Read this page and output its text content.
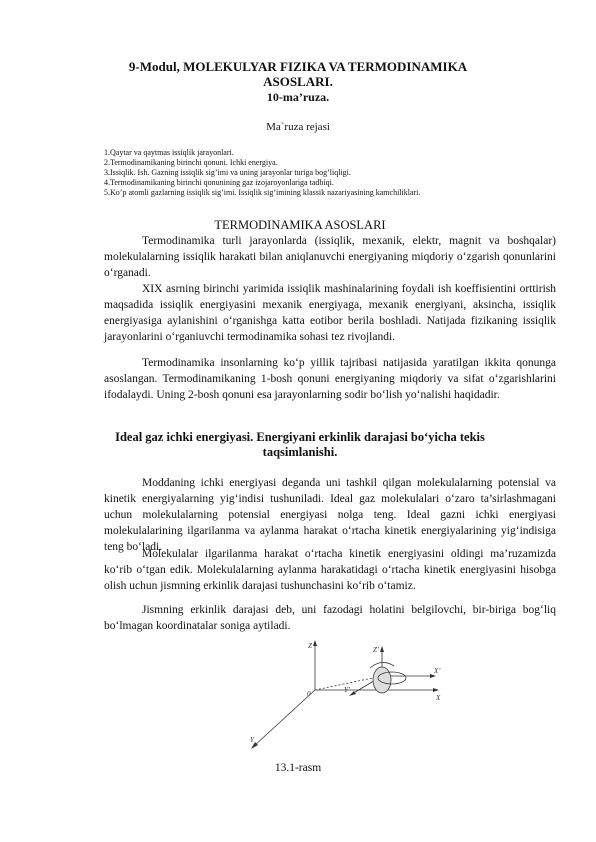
9-Modul, MOLEKULYAR FIZIKA VA TERMODINAMIKA
ASOSLARI.
10-ma’ruza.
Ma`ruza rejasi
1.Qaytar va qaytmas issiqlik jarayonlari.
2.Termodinamikaning birinchi qonuni. Ichki energiya.
3.Issiqlik. Ish. Gazning issiqlik sig’imi va uning jarayonlar turiga bog’liqligi.
4.Termodinamikaning birinchi qonunining gaz izojaroyonlariga tadbiqi.
5.Ko’p atomli gazlarning issiqlik sig’imi. Issiqlik sig’imining klassik nazariyasining kamchiliklari.
TERMODINAMIKA ASOSLARI

Termodinamika turli jarayonlarda (issiqlik, mexanik, elektr, magnit va boshqalar) molekulalarning issiqlik harakati bilan aniqlanuvchi energiyaning miqdoriy o‘zgarish qonunlarini o‘rganadi.

XIX asrning birinchi yarimida issiqlik mashinalarining foydali ish koeffisientini orttirish maqsadida issiqlik energiyasini mexanik energiyaga, mexanik energiyani, aksincha, issiqlik energiyasiga aylanishini o‘rganishga katta eotibor berila boshladi. Natijada fizikaning issiqlik jarayonlarini o‘rganiuvchi termodinamika sohasi tez rivojlandi.

Termodinamika insonlarning ko‘p yillik tajribasi natijasida yaratilgan ikkita qonunga asoslangan. Termodinamikaning 1-bosh qonuni energiyaning miqdoriy va sifat o‘zgarishlarini ifodalaydi. Uning 2-bosh qonuni esa jarayonlarning sodir bo‘lish yo‘nalishi haqidadir.

Ideal gaz ichki energiyasi. Energiyani erkinlik darajasi bo‘yicha tekis
taqsimlanishi.

Moddaning ichki energiyasi deganda uni tashkil qilgan molekulalarning potensial va kinetik energiyalarning yig‘indisi tushuniladi. Ideal gaz molekulalari o‘zaro ta’sirlashmagani uchun molekulalarning potensial energiyasi nolga teng. Ideal gazni ichki energiyasi molekulalarining ilgarilanma va aylanma harakat o‘rtacha kinetik energiyalarining yig‘indisiga teng bo‘ladi.

Molekulalar ilgarilanma harakat o‘rtacha kinetik energiyasini oldingi ma’ruzamizda ko‘rib o‘tgan edik. Molekulalarning aylanma harakatidagi o‘rtacha kinetik energiyasini hisobga olish uchun jismning erkinlik darajasi tushunchasini ko‘rib o‘tamiz.

Jismning erkinlik darajasi deb, uni fazodagi holatini belgilovchi, bir-biriga bog‘liq bo‘lmagan koordinatalar soniga aytiladi.

Z
X
Y
0
Z’
X’
Y’
13.1-rasm
